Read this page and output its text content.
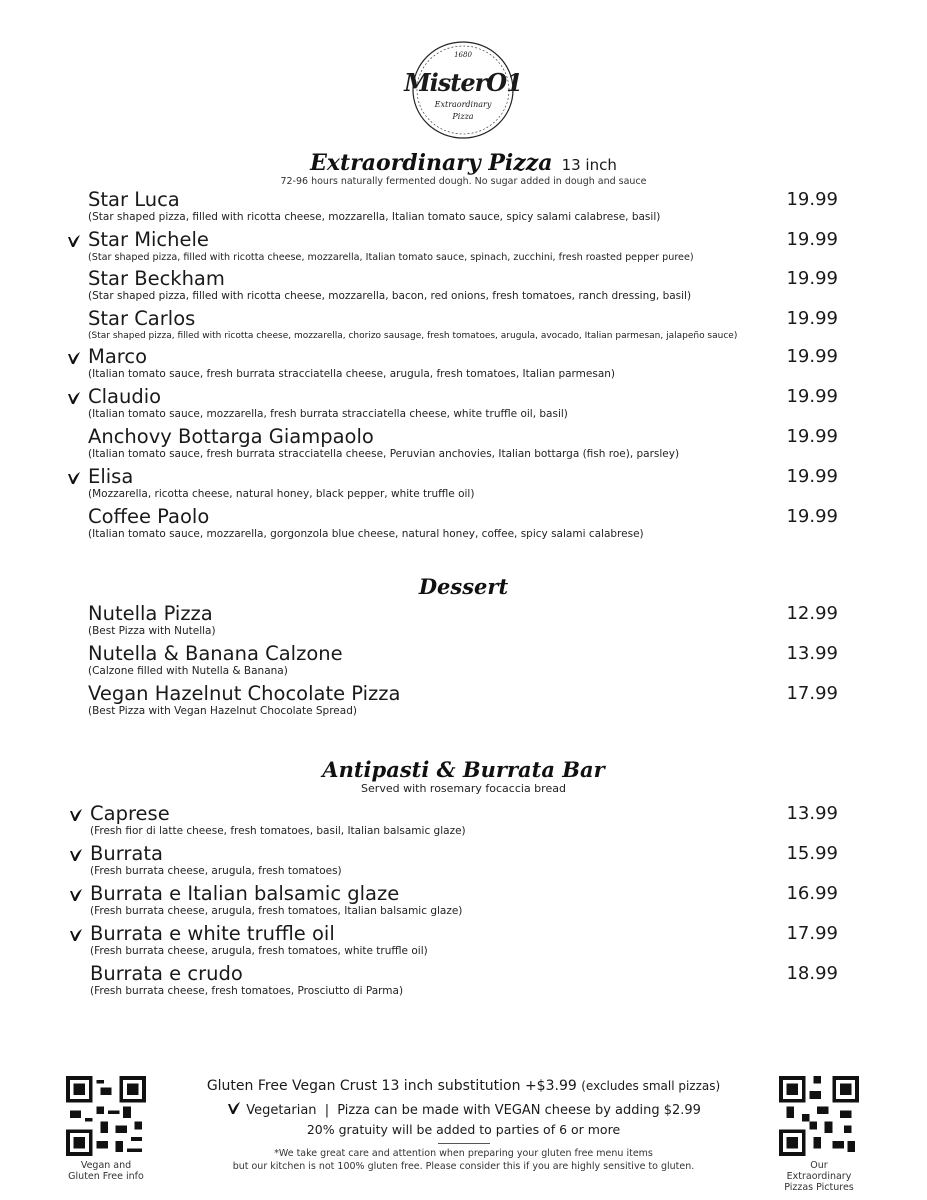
1680
MisterO1
Extraordinary
Pizza
Extraordinary Pizza 13 inch
72-96 hours naturally fermented dough. No sugar added in dough and sauce
Star Luca
(Star shaped pizza, filled with ricotta cheese, mozzarella, Italian tomato sauce, spicy salami calabrese, basil)
19.99
Star Michele
(Star shaped pizza, filled with ricotta cheese, mozzarella, Italian tomato sauce, spinach, zucchini, fresh roasted pepper puree)
19.99
Star Beckham
(Star shaped pizza, filled with ricotta cheese, mozzarella, bacon, red onions, fresh tomatoes, ranch dressing, basil)
19.99
Star Carlos
(Star shaped pizza, filled with ricotta cheese, mozzarella, chorizo sausage, fresh tomatoes, arugula, avocado, Italian parmesan, jalapeño sauce)
19.99
Marco
(Italian tomato sauce, fresh burrata stracciatella cheese, arugula, fresh tomatoes, Italian parmesan)
19.99
Claudio
(Italian tomato sauce, mozzarella, fresh burrata stracciatella cheese, white truffle oil, basil)
19.99
Anchovy Bottarga Giampaolo
(Italian tomato sauce, fresh burrata stracciatella cheese, Peruvian anchovies, Italian bottarga (fish roe), parsley)
19.99
Elisa
(Mozzarella, ricotta cheese, natural honey, black pepper, white truffle oil)
19.99
Coffee Paolo
(Italian tomato sauce, mozzarella, gorgonzola blue cheese, natural honey, coffee, spicy salami calabrese)
19.99
Dessert
Nutella Pizza
(Best Pizza with Nutella)
12.99
Nutella & Banana Calzone
(Calzone filled with Nutella & Banana)
13.99
Vegan Hazelnut Chocolate Pizza
(Best Pizza with Vegan Hazelnut Chocolate Spread)
17.99
Antipasti & Burrata Bar
Served with rosemary focaccia bread
Caprese
(Fresh fior di latte cheese, fresh tomatoes, basil, Italian balsamic glaze)
13.99
Burrata
(Fresh burrata cheese, arugula, fresh tomatoes)
15.99
Burrata e Italian balsamic glaze
(Fresh burrata cheese, arugula, fresh tomatoes, Italian balsamic glaze)
16.99
Burrata e white truffle oil
(Fresh burrata cheese, arugula, fresh tomatoes, white truffle oil)
17.99
Burrata e crudo
(Fresh burrata cheese, fresh tomatoes, Prosciutto di Parma)
18.99
Vegan and
Gluten Free info
Our Extraordinary
Pizzas Pictures
Gluten Free Vegan Crust 13 inch substitution +$3.99 (excludes small pizzas)
Vegetarian | Pizza can be made with VEGAN cheese by adding $2.99
20% gratuity will be added to parties of 6 or more
*We take great care and attention when preparing your gluten free menu items
but our kitchen is not 100% gluten free. Please consider this if you are highly sensitive to gluten.
